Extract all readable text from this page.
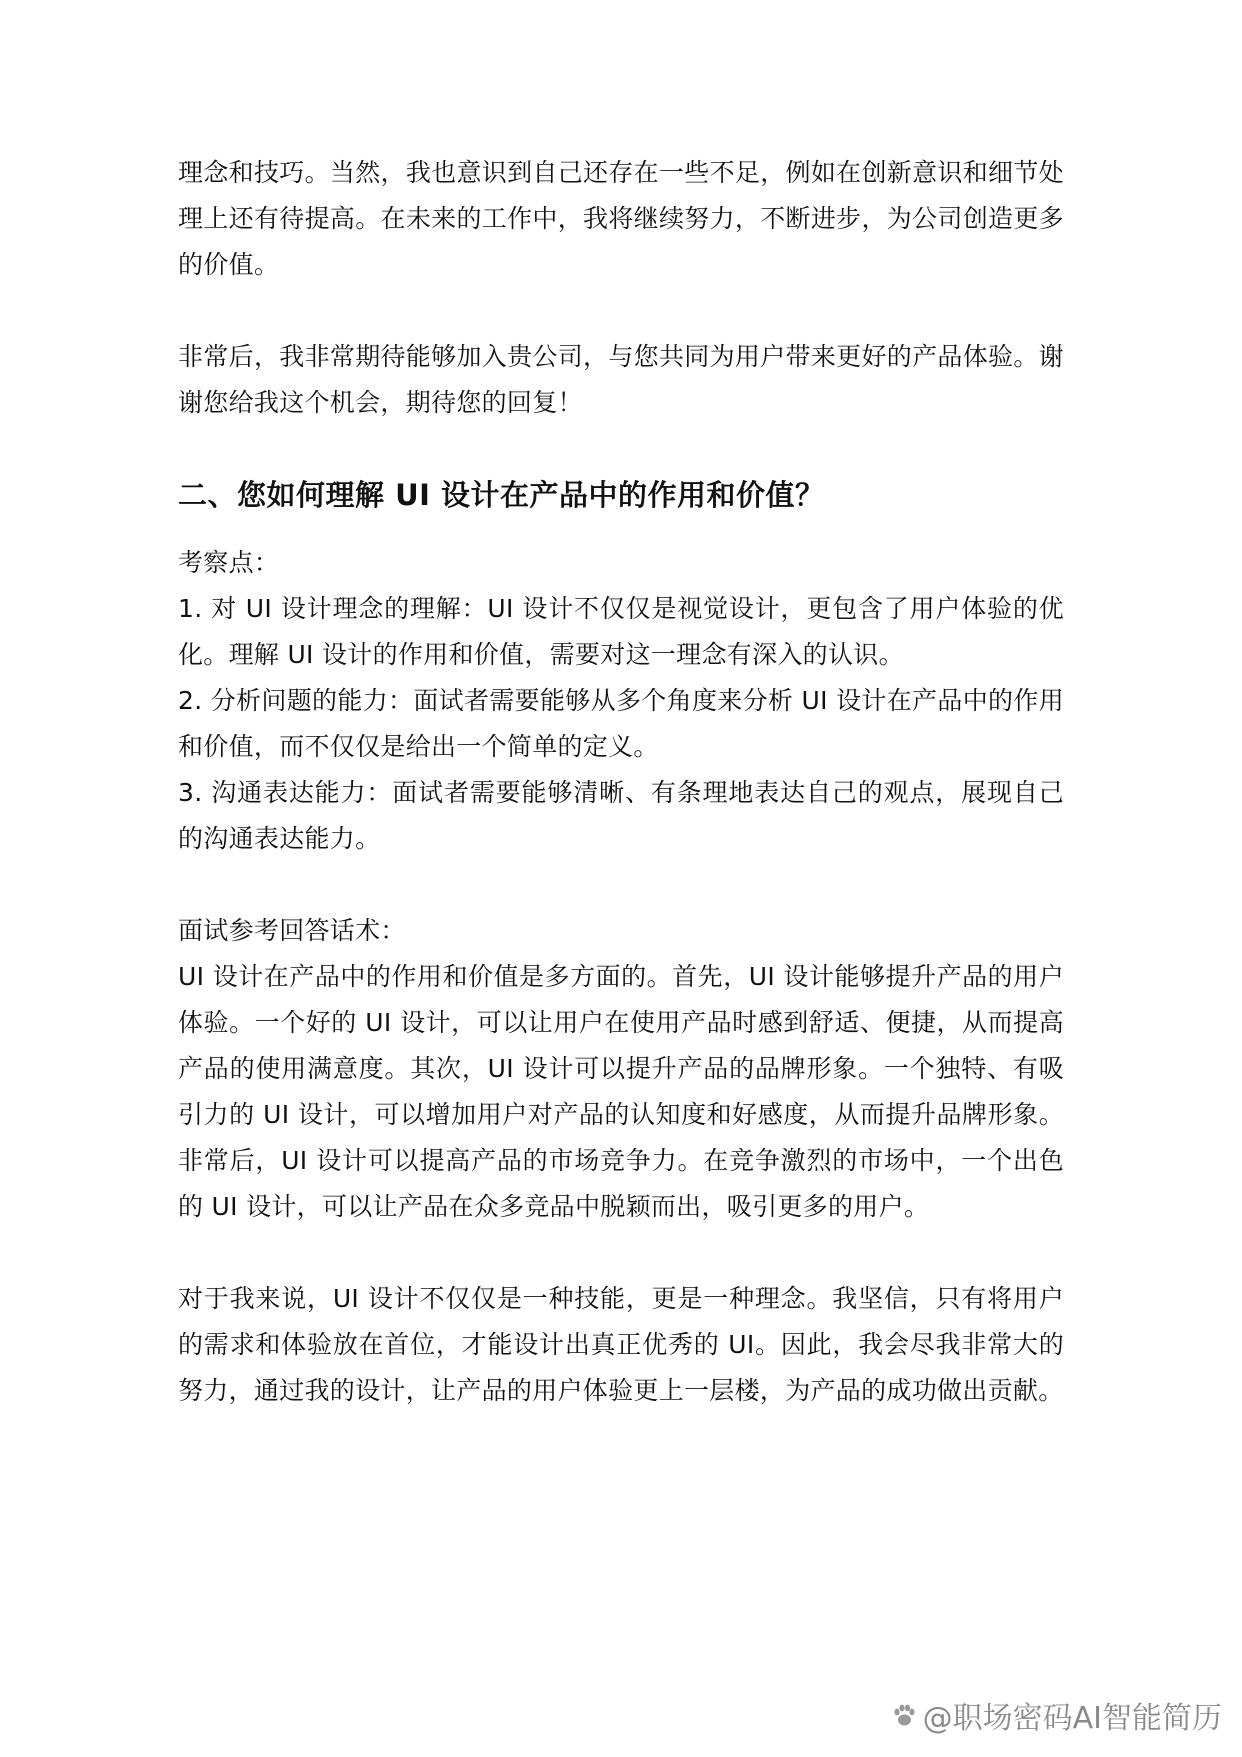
理念和技巧。当然，我也意识到自己还存在一些不足，例如在创新意识和细节处理上还有待提高。在未来的工作中，我将继续努力，不断进步，为公司创造更多的价值。

非常后，我非常期待能够加入贵公司，与您共同为用户带来更好的产品体验。谢谢您给我这个机会，期待您的回复！

二、您如何理解 UI 设计在产品中的作用和价值？

考察点：

1. 对 UI 设计理念的理解：UI 设计不仅仅是视觉设计，更包含了用户体验的优化。理解 UI 设计的作用和价值，需要对这一理念有深入的认识。

2. 分析问题的能力：面试者需要能够从多个角度来分析 UI 设计在产品中的作用和价值，而不仅仅是给出一个简单的定义。

3. 沟通表达能力：面试者需要能够清晰、有条理地表达自己的观点，展现自己的沟通表达能力。

面试参考回答话术：

UI 设计在产品中的作用和价值是多方面的。首先，UI 设计能够提升产品的用户体验。一个好的 UI 设计，可以让用户在使用产品时感到舒适、便捷，从而提高产品的使用满意度。其次，UI 设计可以提升产品的品牌形象。一个独特、有吸引力的 UI 设计，可以增加用户对产品的认知度和好感度，从而提升品牌形象。非常后，UI 设计可以提高产品的市场竞争力。在竞争激烈的市场中，一个出色的 UI 设计，可以让产品在众多竞品中脱颖而出，吸引更多的用户。

对于我来说，UI 设计不仅仅是一种技能，更是一种理念。我坚信，只有将用户的需求和体验放在首位，才能设计出真正优秀的 UI。因此，我会尽我非常大的努力，通过我的设计，让产品的用户体验更上一层楼，为产品的成功做出贡献。

@职场密码AI智能简历
